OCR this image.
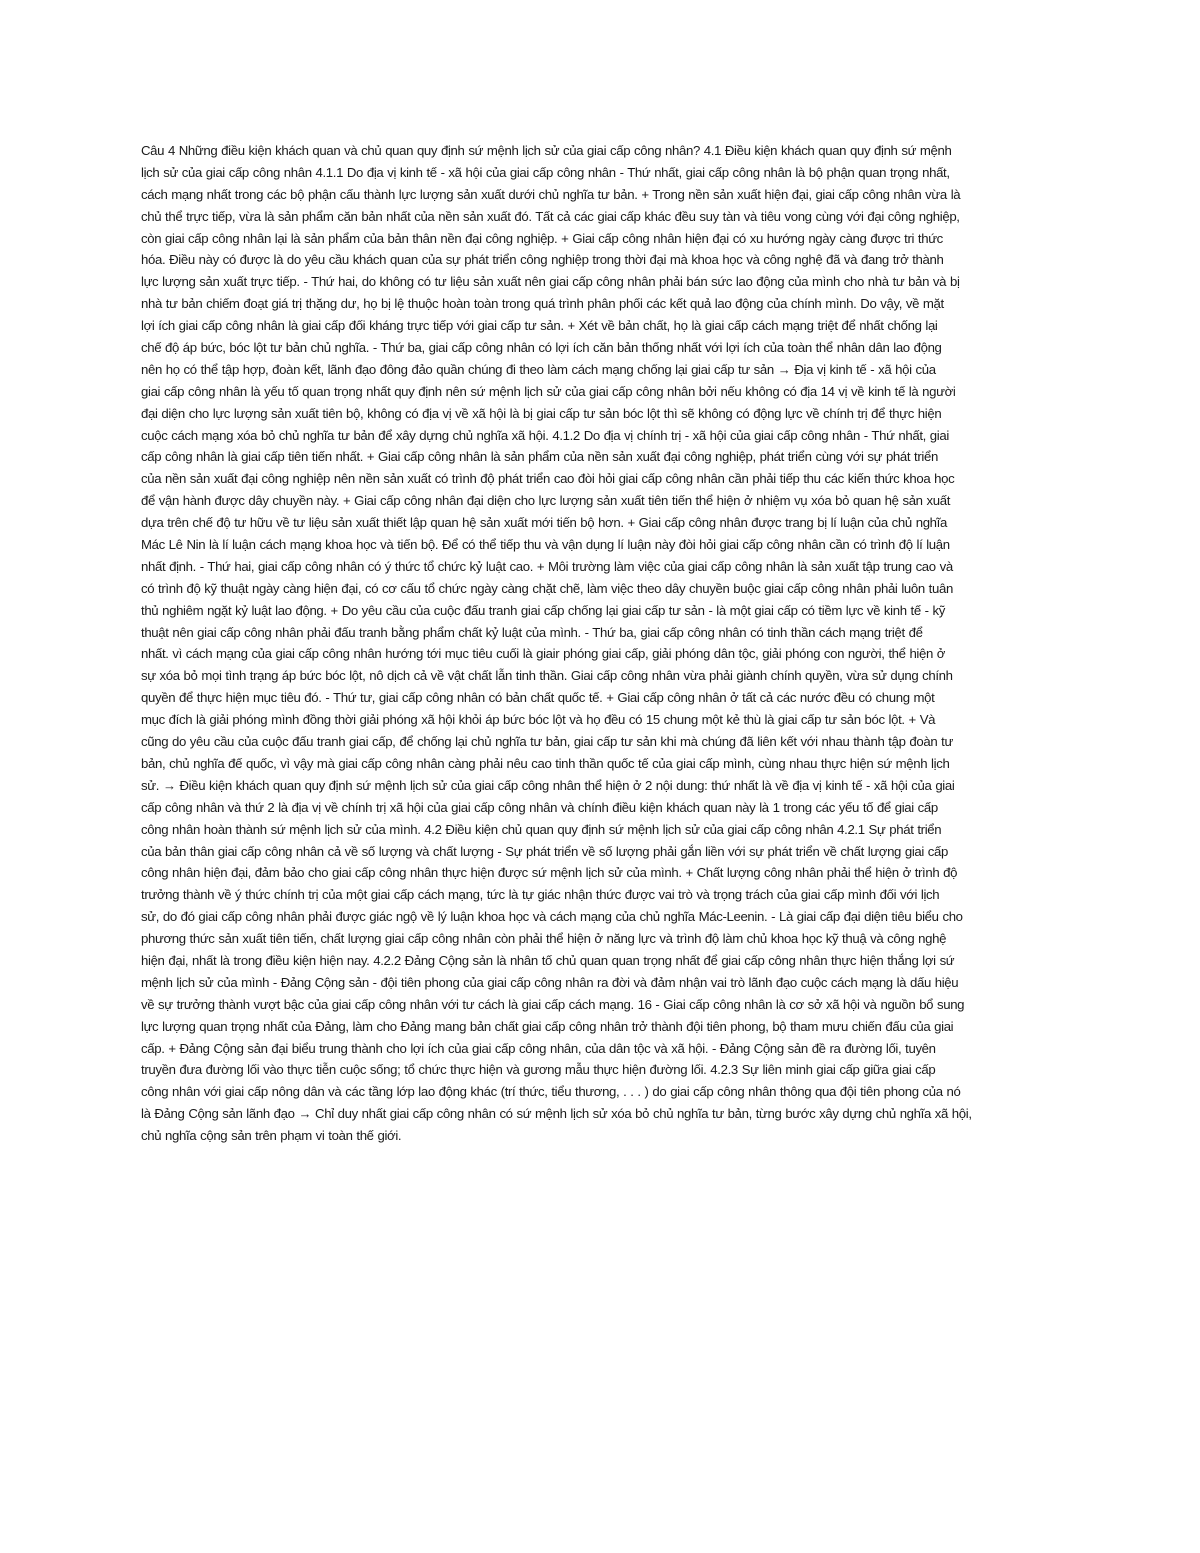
Câu 4 Những điều kiện khách quan và chủ quan quy định sứ mệnh lịch sử của giai cấp công nhân? 4.1 Điều kiện khách quan quy định sứ mệnh
lịch sử của giai cấp công nhân 4.1.1 Do địa vị kinh tế - xã hội của giai cấp công nhân - Thứ nhất, giai cấp công nhân là bộ phận quan trọng nhất,
cách mạng nhất trong các bộ phận cấu thành lực lượng sản xuất dưới chủ nghĩa tư bản. + Trong nền sản xuất hiện đại, giai cấp công nhân vừa là
chủ thể trực tiếp, vừa là sản phẩm căn bản nhất của nền sản xuất đó. Tất cả các giai cấp khác đều suy tàn và tiêu vong cùng với đại công nghiệp,
còn giai cấp công nhân lại là sản phẩm của bản thân nền đại công nghiệp. + Giai cấp công nhân hiện đại có xu hướng ngày càng được tri thức
hóa. Điều này có được là do yêu cầu khách quan của sự phát triển công nghiệp trong thời đại mà khoa học và công nghệ đã và đang trở thành
lực lượng sản xuất trực tiếp. - Thứ hai, do không có tư liệu sản xuất nên giai cấp công nhân phải bán sức lao động của mình cho nhà tư bản và bị
nhà tư bản chiếm đoạt giá trị thặng dư, họ bị lệ thuộc hoàn toàn trong quá trình phân phối các kết quả lao động của chính mình. Do vậy, về mặt
lợi ích giai cấp công nhân là giai cấp đối kháng trực tiếp với giai cấp tư sản. + Xét về bản chất, họ là giai cấp cách mạng triệt để nhất chống lại
chế độ áp bức, bóc lột tư bản chủ nghĩa. - Thứ ba, giai cấp công nhân có lợi ích căn bản thống nhất với lợi ích của toàn thể nhân dân lao động
nên họ có thể tập hợp, đoàn kết, lãnh đạo đông đảo quần chúng đi theo làm cách mạng chống lại giai cấp tư sản → Địa vị kinh tế - xã hội của
giai cấp công nhân là yếu tố quan trọng nhất quy định nên sứ mệnh lịch sử của giai cấp công nhân bởi nếu không có địa 14 vị về kinh tế là người
đại diện cho lực lượng sản xuất tiên bộ, không có địa vị về xã hội là bị giai cấp tư sản bóc lột thì sẽ không có động lực về chính trị để thực hiện
cuộc cách mạng xóa bỏ chủ nghĩa tư bản để xây dựng chủ nghĩa xã hội. 4.1.2 Do địa vị chính trị - xã hội của giai cấp công nhân - Thứ nhất, giai
cấp công nhân là giai cấp tiên tiến nhất. + Giai cấp công nhân là sản phẩm của nền sản xuất đại công nghiệp, phát triển cùng với sự phát triển
của nền sản xuất đại công nghiệp nên nền sản xuất có trình độ phát triển cao đòi hỏi giai cấp công nhân cần phải tiếp thu các kiến thức khoa học
để vận hành được dây chuyền này. + Giai cấp công nhân đại diện cho lực lượng sản xuất tiên tiến thể hiện ở nhiệm vụ xóa bỏ quan hệ sản xuất
dựa trên chế độ tư hữu về tư liệu sản xuất thiết lập quan hệ sản xuất mới tiến bộ hơn. + Giai cấp công nhân được trang bị lí luận của chủ nghĩa
Mác Lê Nin là lí luận cách mạng khoa học và tiến bộ. Để có thể tiếp thu và vận dụng lí luận này đòi hỏi giai cấp công nhân cần có trình độ lí luận
nhất định. - Thứ hai, giai cấp công nhân có ý thức tổ chức kỷ luật cao. + Môi trường làm việc của giai cấp công nhân là sản xuất tập trung cao và
có trình độ kỹ thuật ngày càng hiện đại, có cơ cấu tổ chức ngày càng chặt chẽ, làm việc theo dây chuyền buộc giai cấp công nhân phải luôn tuân
thủ nghiêm ngặt kỷ luật lao động. + Do yêu cầu của cuộc đấu tranh giai cấp chống lại giai cấp tư sản - là một giai cấp có tiềm lực về kinh tế - kỹ
thuật nên giai cấp công nhân phải đấu tranh bằng phẩm chất kỷ luật của mình. - Thứ ba, giai cấp công nhân có tinh thần cách mạng triệt để
nhất. vì cách mạng của giai cấp công nhân hướng tới mục tiêu cuối là giair phóng giai cấp, giải phóng dân tộc, giải phóng con người, thể hiện ở
sự xóa bỏ mọi tình trạng áp bức bóc lột, nô dịch cả về vật chất lẫn tinh thần. Giai cấp công nhân vừa phải giành chính quyền, vừa sử dụng chính
quyền để thực hiện mục tiêu đó. - Thứ tư, giai cấp công nhân có bản chất quốc tế. + Giai cấp công nhân ở tất cả các nước đều có chung một
mục đích là giải phóng mình đồng thời giải phóng xã hội khỏi áp bức bóc lột và họ đều có 15 chung một kẻ thù là giai cấp tư sản bóc lột. + Và
cũng do yêu cầu của cuộc đấu tranh giai cấp, để chống lại chủ nghĩa tư bản, giai cấp tư sản khi mà chúng đã liên kết với nhau thành tập đoàn tư
bản, chủ nghĩa đế quốc, vì vậy mà giai cấp công nhân càng phải nêu cao tinh thần quốc tế của giai cấp mình, cùng nhau thực hiện sứ mệnh lịch
sử. → Điều kiện khách quan quy định sứ mệnh lịch sử của giai cấp công nhân thể hiện ở 2 nội dung: thứ nhất là về địa vị kinh tế - xã hội của giai
cấp công nhân và thứ 2 là địa vị về chính trị xã hội của giai cấp công nhân và chính điều kiện khách quan này là 1 trong các yếu tố để giai cấp
công nhân hoàn thành sứ mệnh lịch sử của mình. 4.2 Điều kiện chủ quan quy định sứ mệnh lịch sử của giai cấp công nhân 4.2.1 Sự phát triển
của bản thân giai cấp công nhân cả về số lượng và chất lượng - Sự phát triển về số lượng phải gắn liền với sự phát triển về chất lượng giai cấp
công nhân hiện đại, đảm bảo cho giai cấp công nhân thực hiện được sứ mệnh lịch sử của mình. + Chất lượng công nhân phải thể hiện ở trình độ
trưởng thành về ý thức chính trị của một giai cấp cách mạng, tức là tự giác nhận thức được vai trò và trọng trách của giai cấp mình đối với lịch
sử, do đó giai cấp công nhân phải được giác ngộ về lý luận khoa học và cách mạng của chủ nghĩa Mác-Leenin. - Là giai cấp đại diện tiêu biểu cho
phương thức sản xuất tiên tiến, chất lượng giai cấp công nhân còn phải thể hiện ở năng lực và trình độ làm chủ khoa học kỹ thuậ và công nghệ
hiện đại, nhất là trong điều kiện hiện nay. 4.2.2 Đảng Cộng sản là nhân tố chủ quan quan trọng nhất để giai cấp công nhân thực hiện thắng lợi sứ
mệnh lịch sử của mình - Đảng Cộng sản - đội tiên phong của giai cấp công nhân ra đời và đảm nhận vai trò lãnh đạo cuộc cách mạng là dấu hiệu
về sự trưởng thành vượt bậc của giai cấp công nhân với tư cách là giai cấp cách mạng. 16 - Giai cấp công nhân là cơ sở xã hội và nguồn bổ sung
lực lượng quan trọng nhất của Đảng, làm cho Đảng mang bản chất giai cấp công nhân trở thành đội tiên phong, bộ tham mưu chiến đấu của giai
cấp. + Đảng Cộng sản đại biểu trung thành cho lợi ích của giai cấp công nhân, của dân tộc và xã hội. - Đảng Cộng sản đề ra đường lối, tuyên
truyền đưa đường lối vào thực tiễn cuộc sống; tổ chức thực hiện và gương mẫu thực hiện đường lối. 4.2.3 Sự liên minh giai cấp giữa giai cấp
công nhân với giai cấp nông dân và các tầng lớp lao động khác (trí thức, tiểu thương, . . . ) do giai cấp công nhân thông qua đội tiên phong của nó
là Đảng Cộng sản lãnh đạo → Chỉ duy nhất giai cấp công nhân có sứ mệnh lịch sử xóa bỏ chủ nghĩa tư bản, từng bước xây dựng chủ nghĩa xã hội,
chủ nghĩa cộng sản trên phạm vi toàn thế giới.
